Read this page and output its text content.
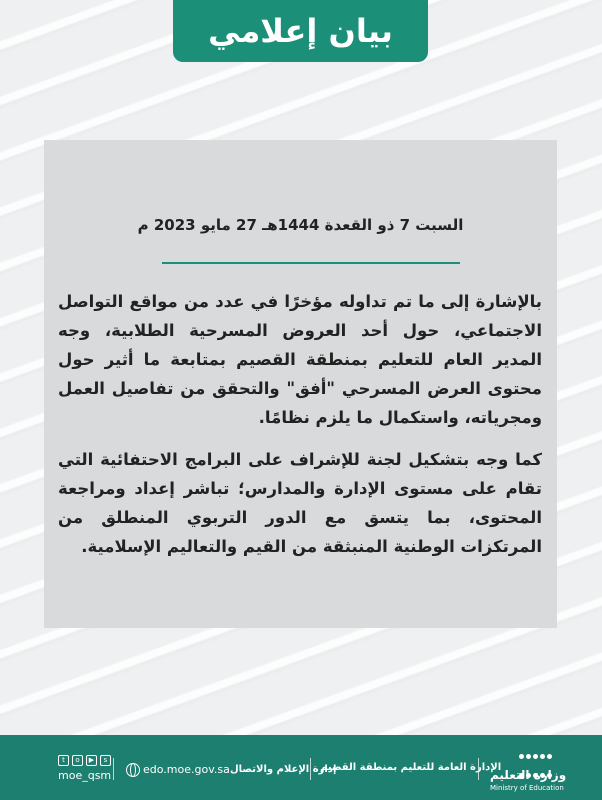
بيان إعلامي
السبت 7 ذو القعدة 1444هـ 27 مايو 2023 م
بالإشارة إلى ما تم تداوله مؤخرًا في عدد من مواقع التواصل الاجتماعي، حول أحد العروض المسرحية الطلابية، وجه المدير العام للتعليم بمنطقة القصيم بمتابعة ما أثير حول محتوى العرض المسرحي "أفق" والتحقق من تفاصيل العمل ومجرياته، واستكمال ما يلزم نظامًا.
كما وجه بتشكيل لجنة للإشراف على البرامج الاحتفائية التي تقام على مستوى الإدارة والمدارس؛ تباشر إعداد ومراجعة المحتوى، بما يتسق مع الدور التربوي المنطلق من المرتكزات الوطنية المنبثقة من القيم والتعاليم الإسلامية.

وزارة التعليم
Ministry of Education
الإدارة العامة للتعليم بمنطقة القصيم
إدارة الإعلام والاتصال
edo.moe.gov.sa
t	o	▶	s
moe_qsm
